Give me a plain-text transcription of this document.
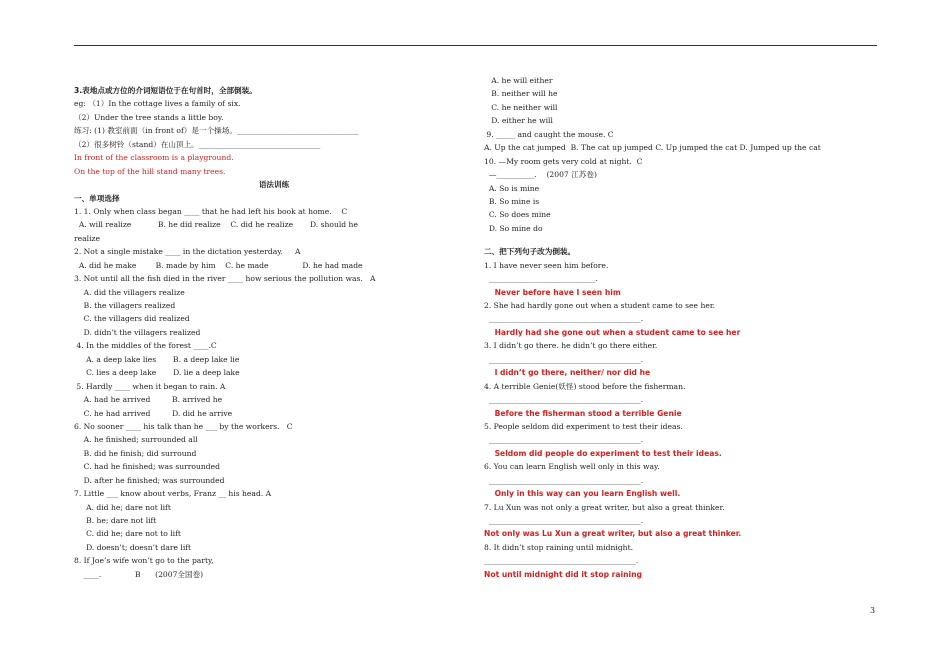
3.表地点或方位的介词短语位于在句首时，全部倒装。
eg: （1）In the cottage lives a family of six.
（2）Under the tree stands a little boy.
练习: (1) 教室前面（in front of）是一个操场。________________________________
（2）很多树铃（stand）在山顶上。________________________________
In front of the classroom is a playground.
On the top of the hill stand many trees.
语法训练
一、单项选择
1. 1. Only when class began ____ that he had left his book at home.    C
A. will realize           B. he did realize    C. did he realize       D. should he
realize
2. Not a single mistake ____ in the dictation yesterday.     A
A. did he make        B. made by him    C. he made              D. he had made
3. Not until all the fish died in the river ____ how serious the pollution was.   A
A. did the villagers realize
B. the villagers realized
C. the villagers did realized
D. didn’t the villagers realized
4. In the middles of the forest ____.C
A. a deep lake lies       B. a deep lake lie
C. lies a deep lake       D. lie a deep lake
5. Hardly ____ when it began to rain. A
A. had he arrived         B. arrived he
C. he had arrived         D. did he arrive
6. No sooner ____ his talk than he ___ by the workers.   C
A. he finished; surrounded all
B. did he finish; did surround
C. had he finished; was surrounded
D. after he finished; was surrounded
7. Little ___ know about verbs, Franz __ his head. A
A. did he; dare not lift
B. he; dare not lift
C. did he; dare not to lift
D. doesn’t; doesn’t dare lift
8. If Joe’s wife won’t go to the party,
____.              B      (2007全国卷)
A. he will either
B. neither will he
C. he neither will
D. either he will
9. _____ and caught the mouse. C
A. Up the cat jumped  B. The cat up jumped C. Up jumped the cat D. Jumped up the cat
10. —My room gets very cold at night.  C
—__________.    (2007 江苏卷)
A. So is mine
B. So mine is
C. So does mine
D. So mine do
二、把下列句子改为倒装。
1. I have never seen him before.
____________________________.
Never before have I seen him
2. She had hardly gone out when a student came to see her.
________________________________________.
Hardly had she gone out when a student came to see her
3. I didn’t go there. he didn’t go there either.
________________________________________.
I didn’t go there, neither/ nor did he
4. A terrible Genie(妖怪) stood before the fisherman.
________________________________________.
Before the fisherman stood a terrible Genie
5. People seldom did experiment to test their ideas.
________________________________________.
Seldom did people do experiment to test their ideas.
6. You can learn English well only in this way.
________________________________________.
Only in this way can you learn English well.
7. Lu Xun was not only a great writer, but also a great thinker.
________________________________________.
Not only was Lu Xun a great writer, but also a great thinker.
8. It didn’t stop raining until midnight.
________________________________________.
Not until midnight did it stop raining
3
